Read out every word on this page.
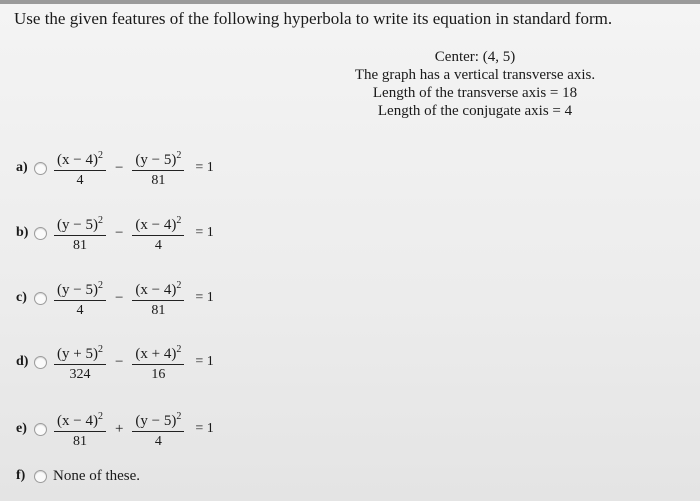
Use the given features of the following hyperbola to write its equation in standard form.
Center: (4, 5)
The graph has a vertical transverse axis.
Length of the transverse axis = 18
Length of the conjugate axis = 4
a)	$\frac{(x - 4)^2}{4} - \frac{(y - 5)^2}{81} = 1$
b)	$\frac{(y - 5)^2}{81} - \frac{(x - 4)^2}{4} = 1$
c)	$\frac{(y - 5)^2}{4} - \frac{(x - 4)^2}{81} = 1$
d)	$\frac{(y + 5)^2}{324} - \frac{(x + 4)^2}{16} = 1$
e)	$\frac{(x - 4)^2}{81} + \frac{(y - 5)^2}{4} = 1$
f)	None of these.
